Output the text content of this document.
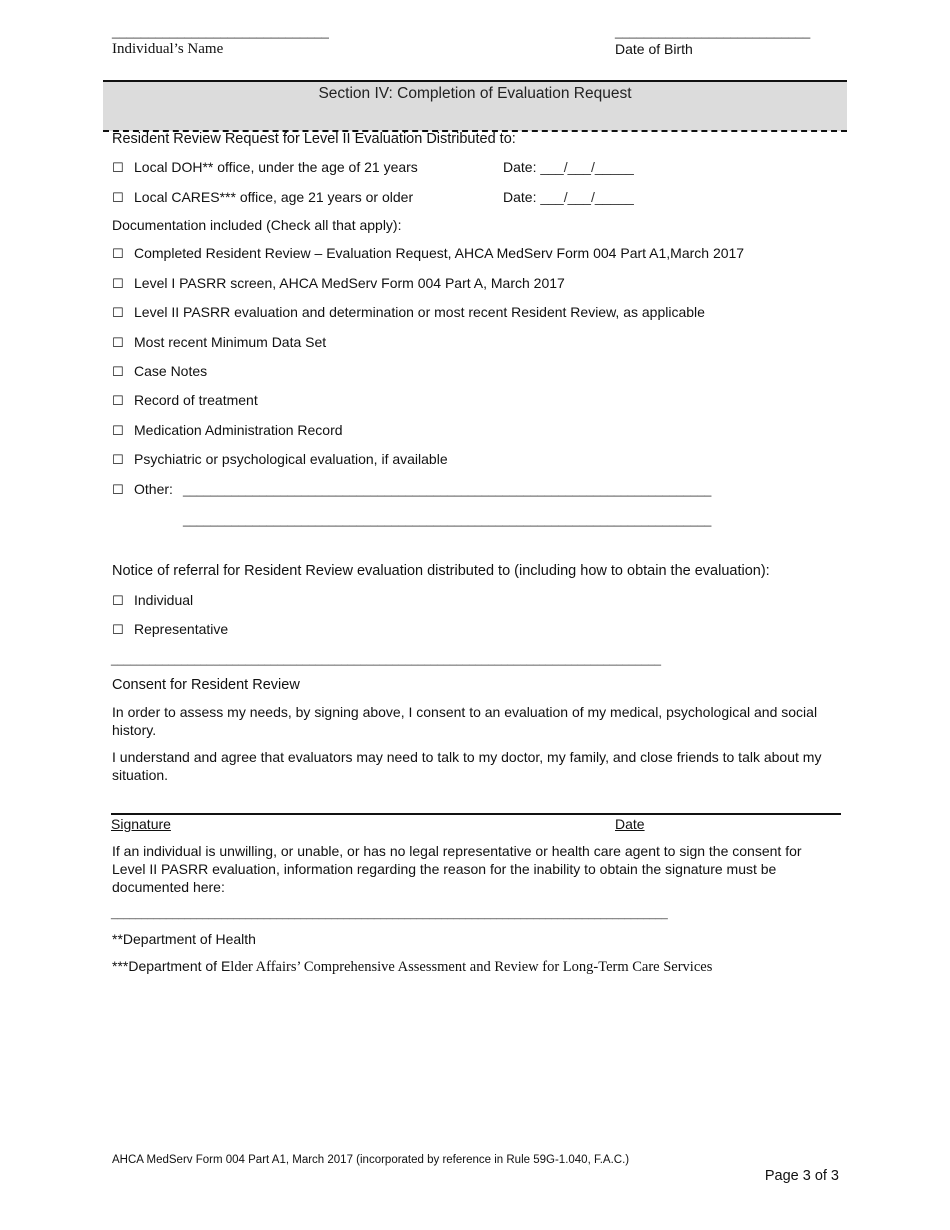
______________________________
Individual’s Name
___________________________
Date of Birth
Section IV: Completion of Evaluation Request
Resident Review Request for Level II Evaluation Distributed to:
☐ Local DOH** office, under the age of 21 years	Date: ___/___/_____
☐ Local CARES*** office, age 21 years or older	Date: ___/___/_____
Documentation included (Check all that apply):
☐ Completed Resident Review – Evaluation Request, AHCA MedServ Form 004 Part A1,March 2017
☐ Level I PASRR screen, AHCA MedServ Form 004 Part A, March 2017
☐ Level II PASRR evaluation and determination or most recent Resident Review, as applicable
☐ Most recent Minimum Data Set
☐ Case Notes
☐ Record of treatment
☐ Medication Administration Record
☐ Psychiatric or psychological evaluation, if available
☐ Other: ____________________________________________________________________________
____________________________________________________________________________
Notice of referral for Resident Review evaluation distributed to (including how to obtain the evaluation):
☐ Individual
☐ Representative
______________________________________________________________________________________
Consent for Resident Review
In order to assess my needs, by signing above, I consent to an evaluation of my medical, psychological and social history.
I understand and agree that evaluators may need to talk to my doctor, my family, and close friends to talk about my situation.
Signature	Date
If an individual is unwilling, or unable, or has no legal representative or health care agent to sign the consent for Level II PASRR evaluation, information regarding the reason for the inability to obtain the signature must be documented here:
___________________________________________________________________________________________
**Department of Health
***Department of Elder Affairs’ Comprehensive Assessment and Review for Long-Term Care Services
AHCA MedServ Form 004 Part A1, March 2017 (incorporated by reference in Rule 59G-1.040, F.A.C.)
Page 3 of 3
